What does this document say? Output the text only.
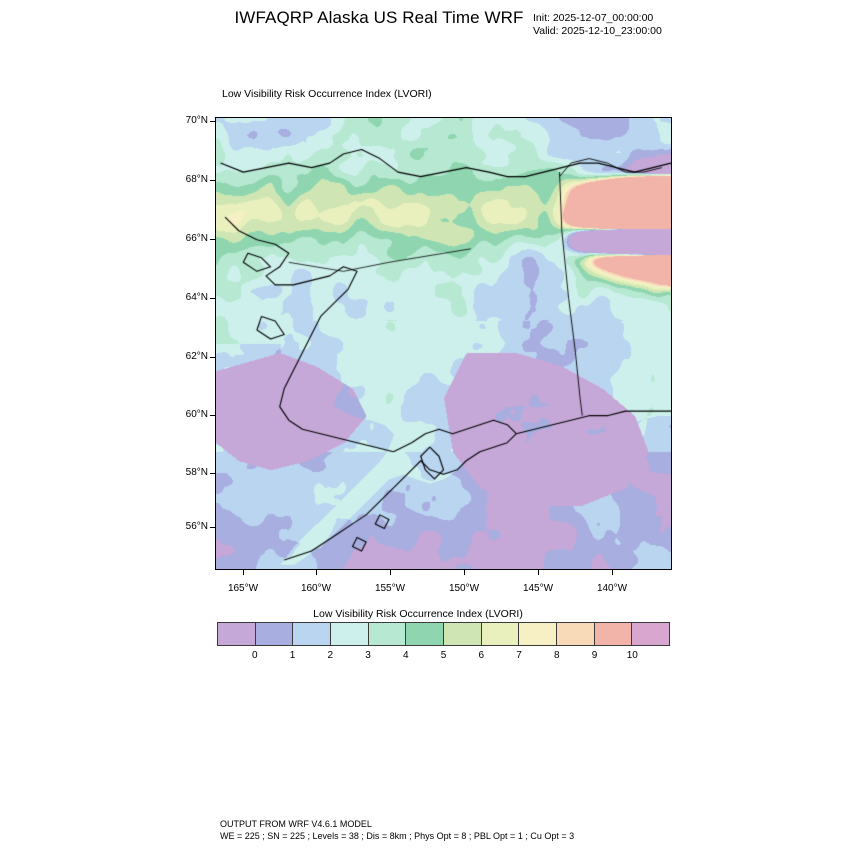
IWFAQRP Alaska US Real Time WRF Init: 2025-12-07_00:00:00
Valid: 2025-12-10_23:00:00
Low Visibility Risk Occurrence Index (LVORI)
70°N
68°N
66°N
64°N
62°N
60°N
58°N
56°N
165°W	160°W	155°W	150°W	145°W	140°W
Low Visibility Risk Occurrence Index (LVORI)
0	1	2	3	4	5	6	7	8	9	10
OUTPUT FROM WRF V4.6.1 MODEL
WE = 225 ; SN = 225 ; Levels = 38 ; Dis = 8km ; Phys Opt = 8 ; PBL Opt = 1 ; Cu Opt = 3
